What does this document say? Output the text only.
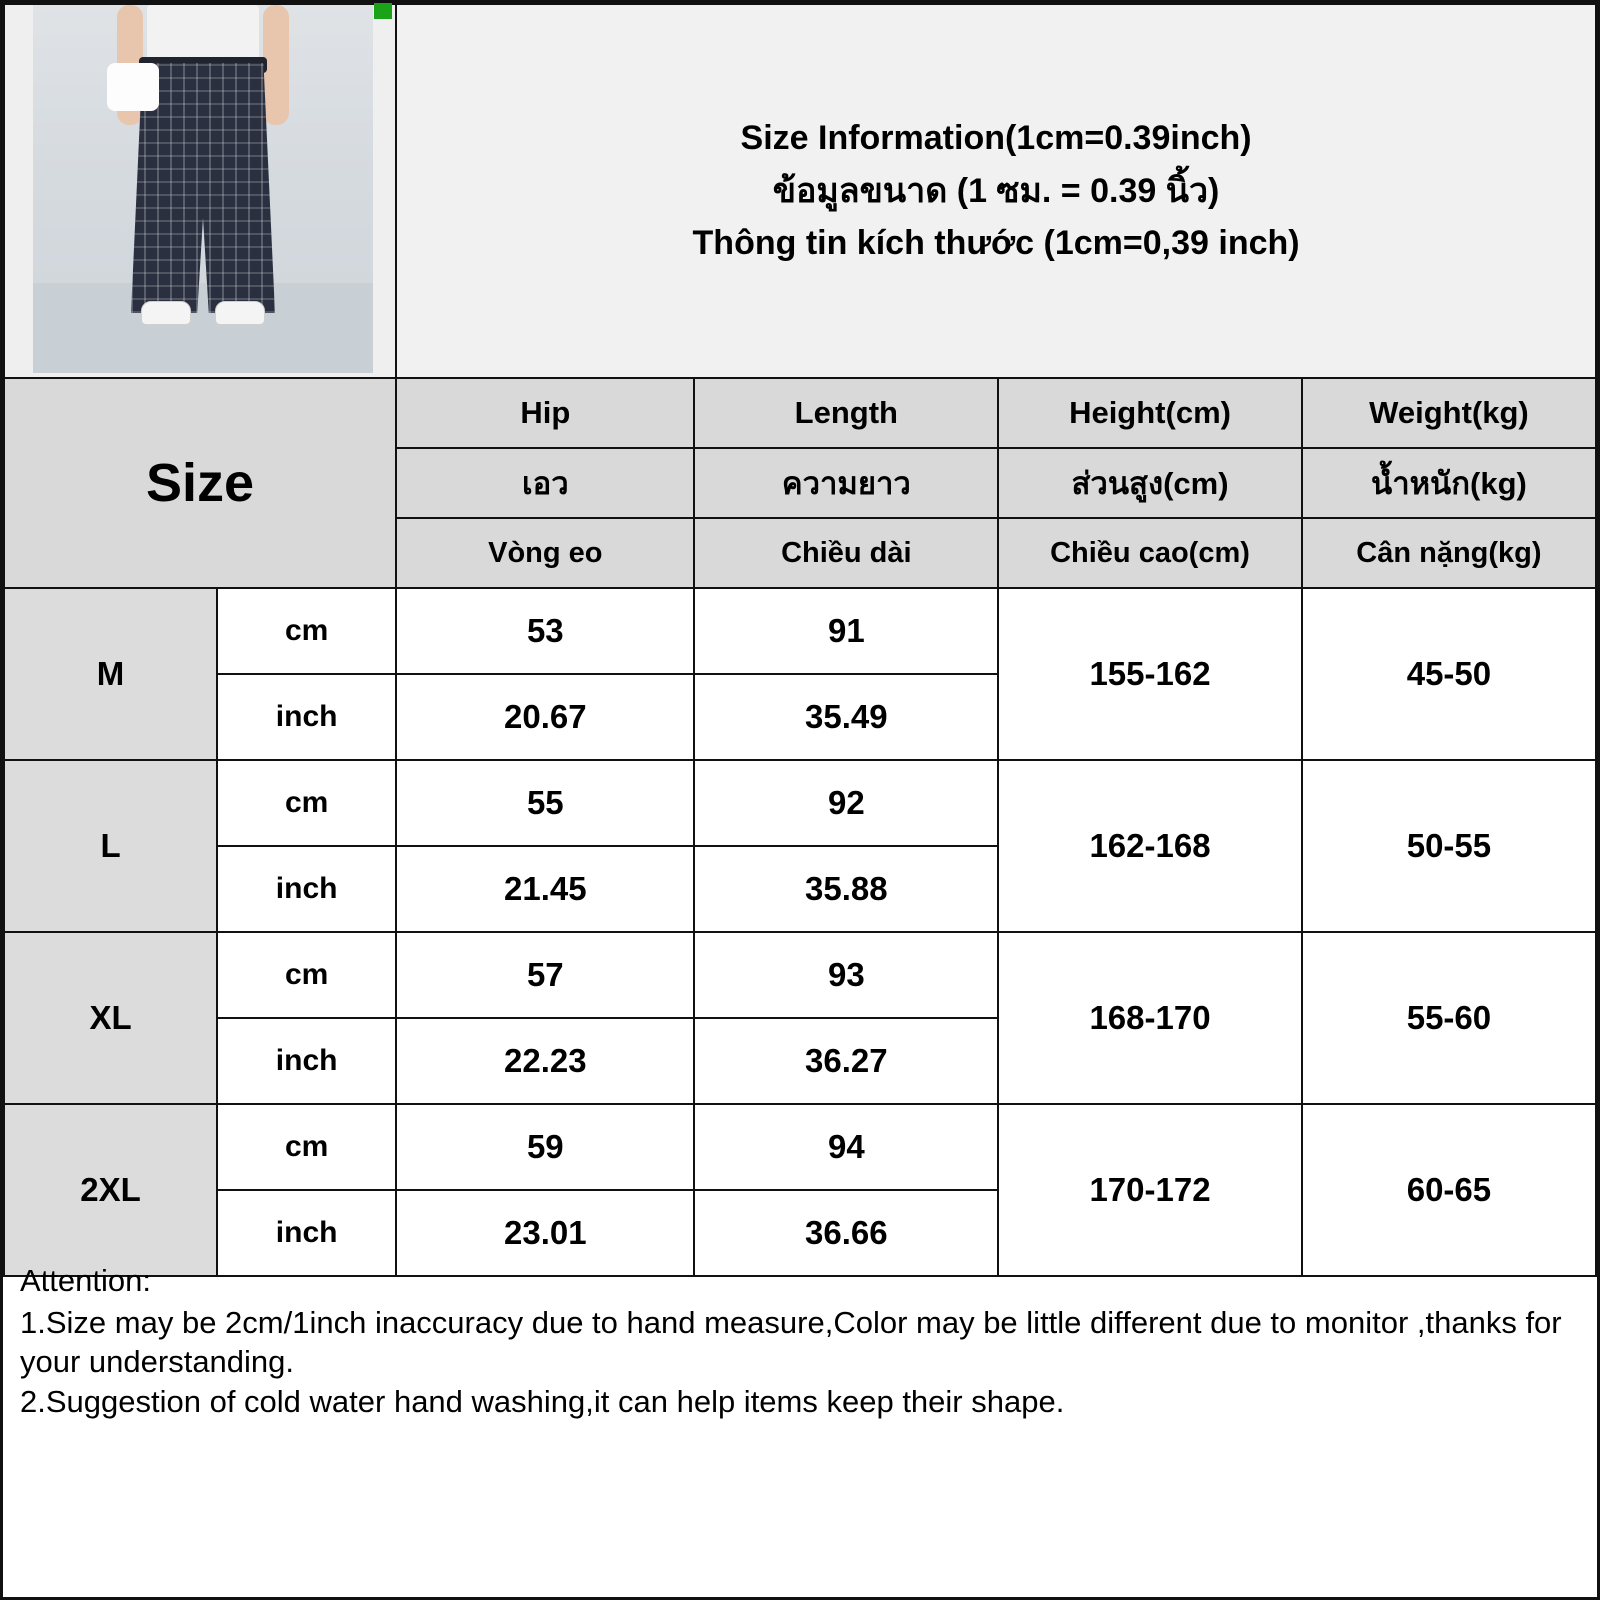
		Size Information(1cm=0.39inch)
ข้อมูลขนาด (1 ซม. = 0.39 นิ้ว)
Thông tin kích thước (1cm=0,39 inch)			

Size		Hip	Length	Height(cm)	Weight(kg)
		เอว	ความยาว	ส่วนสูง(cm)	น้ำหนัก(kg)
		Vòng eo	Chiều dài	Chiều cao(cm)	Cân nặng(kg)
M	cm	53	91	155-162	45-50
	inch	20.67	35.49		
L	cm	55	92	162-168	50-55
	inch	21.45	35.88		
XL	cm	57	93	168-170	55-60
	inch	22.23	36.27		
2XL	cm	59	94	170-172	60-65
	inch	23.01	36.66		
Attention:
1.Size may be 2cm/1inch inaccuracy due to hand measure,Color may be little different due to monitor ,thanks for your understanding.
2.Suggestion of cold water hand washing,it can help items keep their shape.
